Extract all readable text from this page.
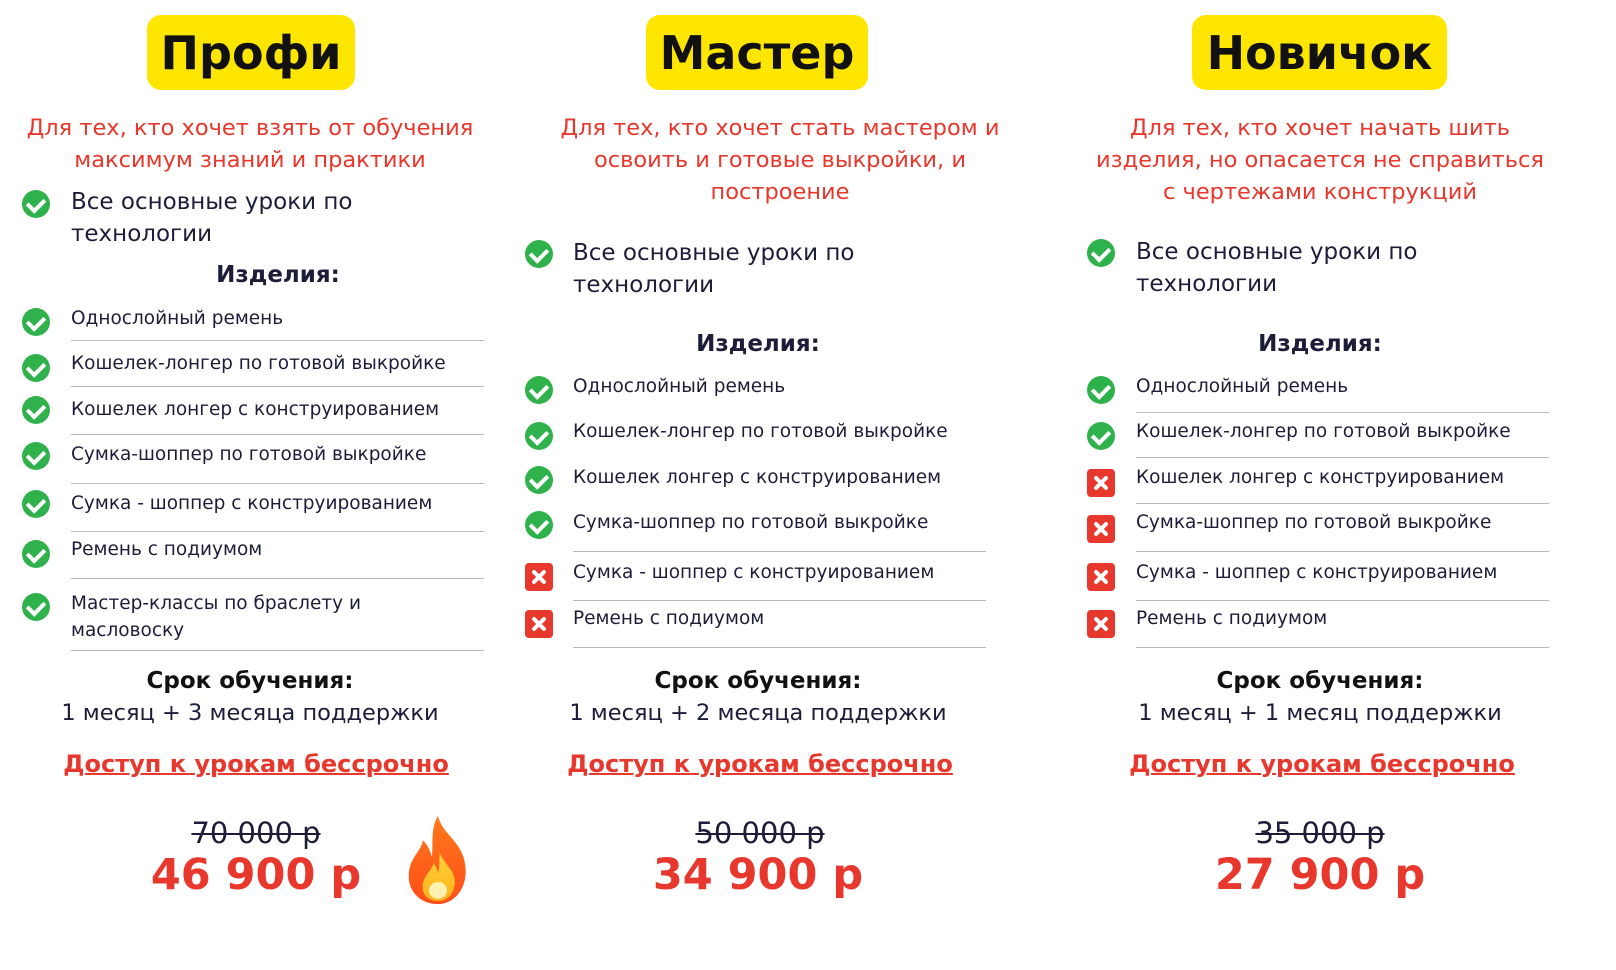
Профи
Для тех, кто хочет взять от обучения
максимум знаний и практики
Все основные уроки по
технологии
Изделия:
Однослойный ремень
Кошелек-лонгер по готовой выкройке
Кошелек лонгер с конструированием
Сумка-шоппер по готовой выкройке
Сумка - шоппер с конструированием
Ремень с подиумом
Мастер-классы по браслету и масловоску
Срок обучения:
1 месяц + 3 месяца поддержки
Доступ к урокам бессрочно
70 000 р
46 900 р
Мастер
Для тех, кто хочет стать мастером и
освоить и готовые выкройки, и
построение
Все основные уроки по
технологии
Изделия:
Однослойный ремень
Кошелек-лонгер по готовой выкройке
Кошелек лонгер с конструированием
Сумка-шоппер по готовой выкройке
Сумка - шоппер с конструированием
Ремень с подиумом
Срок обучения:
1 месяц + 2 месяца поддержки
Доступ к урокам бессрочно
50 000 р
34 900 р
Новичок
Для тех, кто хочет начать шить
изделия, но опасается не справиться
с чертежами конструкций
Все основные уроки по
технологии
Изделия:
Однослойный ремень
Кошелек-лонгер по готовой выкройке
Кошелек лонгер с конструированием
Сумка-шоппер по готовой выкройке
Сумка - шоппер с конструированием
Ремень с подиумом
Срок обучения:
1 месяц + 1 месяц поддержки
Доступ к урокам бессрочно
35 000 р
27 900 р
